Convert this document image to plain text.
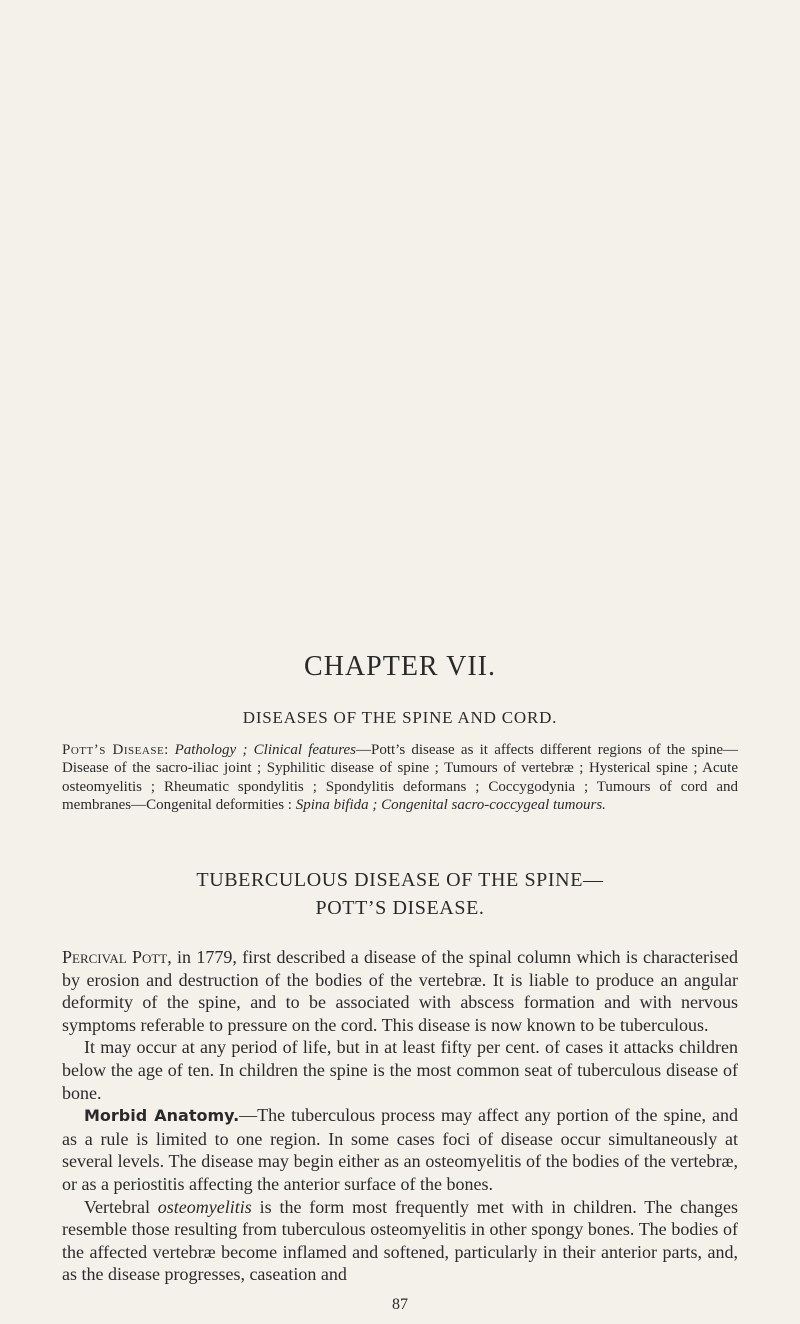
CHAPTER VII.
DISEASES OF THE SPINE AND CORD.
Pott’s Disease: Pathology ; Clinical features—Pott’s disease as it affects different regions of the spine—Disease of the sacro-iliac joint ; Syphilitic disease of spine ; Tumours of vertebræ ; Hysterical spine ; Acute osteomyelitis ; Rheumatic spondylitis ; Spondylitis deformans ; Coccygodynia ; Tumours of cord and membranes—Congenital deformities : Spina bifida ; Congenital sacro-coccygeal tumours.
TUBERCULOUS DISEASE OF THE SPINE—
POTT’S DISEASE.

Percival Pott, in 1779, first described a disease of the spinal column which is characterised by erosion and destruction of the bodies of the vertebræ. It is liable to produce an angular deformity of the spine, and to be associated with abscess formation and with nervous symptoms referable to pressure on the cord. This disease is now known to be tuberculous.

It may occur at any period of life, but in at least fifty per cent. of cases it attacks children below the age of ten. In children the spine is the most common seat of tuberculous disease of bone.

Morbid Anatomy.—The tuberculous process may affect any portion of the spine, and as a rule is limited to one region. In some cases foci of disease occur simultaneously at several levels. The disease may begin either as an osteomyelitis of the bodies of the vertebræ, or as a periostitis affecting the anterior surface of the bones.

Vertebral osteomyelitis is the form most frequently met with in children. The changes resemble those resulting from tuberculous osteomyelitis in other spongy bones. The bodies of the affected vertebræ become inflamed and softened, particularly in their anterior parts, and, as the disease progresses, caseation and

87
